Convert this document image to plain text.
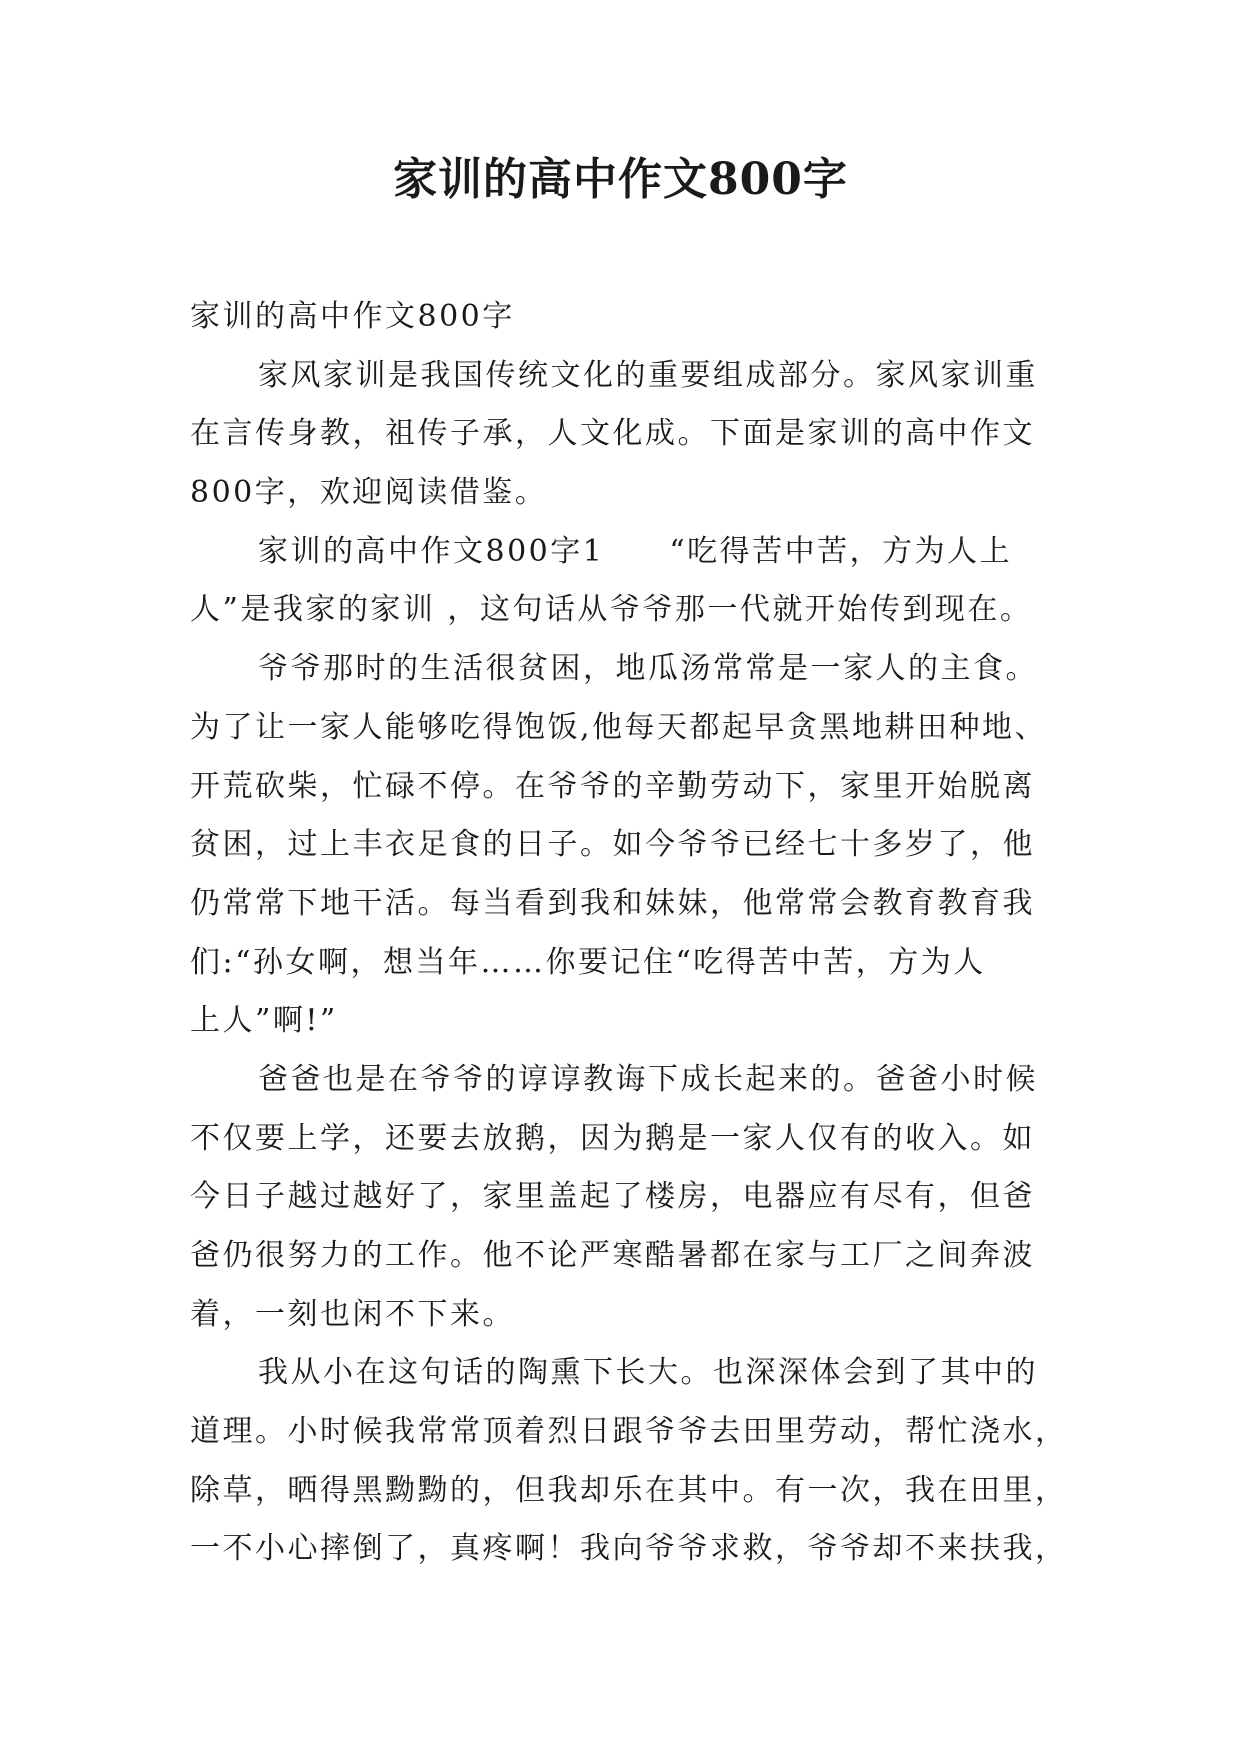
家训的高中作文800字
家训的高中作文800字
家风家训是我国传统文化的重要组成部分。家风家训重
在言传身教，祖传子承，人文化成。下面是家训的高中作文
800字，欢迎阅读借鉴。
家训的高中作文800字1　　“吃得苦中苦，方为人上
人”是我家的家训 ，这句话从爷爷那一代就开始传到现在。
爷爷那时的生活很贫困，地瓜汤常常是一家人的主食。
为了让一家人能够吃得饱饭,他每天都起早贪黑地耕田种地、
开荒砍柴，忙碌不停。在爷爷的辛勤劳动下，家里开始脱离
贫困，过上丰衣足食的日子。如今爷爷已经七十多岁了，他
仍常常下地干活。每当看到我和妹妹，他常常会教育教育我
们:“孙女啊，想当年……你要记住“吃得苦中苦，方为人
上人”啊!”
爸爸也是在爷爷的谆谆教诲下成长起来的。爸爸小时候
不仅要上学，还要去放鹅，因为鹅是一家人仅有的收入。如
今日子越过越好了，家里盖起了楼房，电器应有尽有，但爸
爸仍很努力的工作。他不论严寒酷暑都在家与工厂之间奔波
着，一刻也闲不下来。
我从小在这句话的陶熏下长大。也深深体会到了其中的
道理。小时候我常常顶着烈日跟爷爷去田里劳动，帮忙浇水，
除草，晒得黑黝黝的，但我却乐在其中。有一次，我在田里，
一不小心摔倒了，真疼啊！我向爷爷求救，爷爷却不来扶我，
